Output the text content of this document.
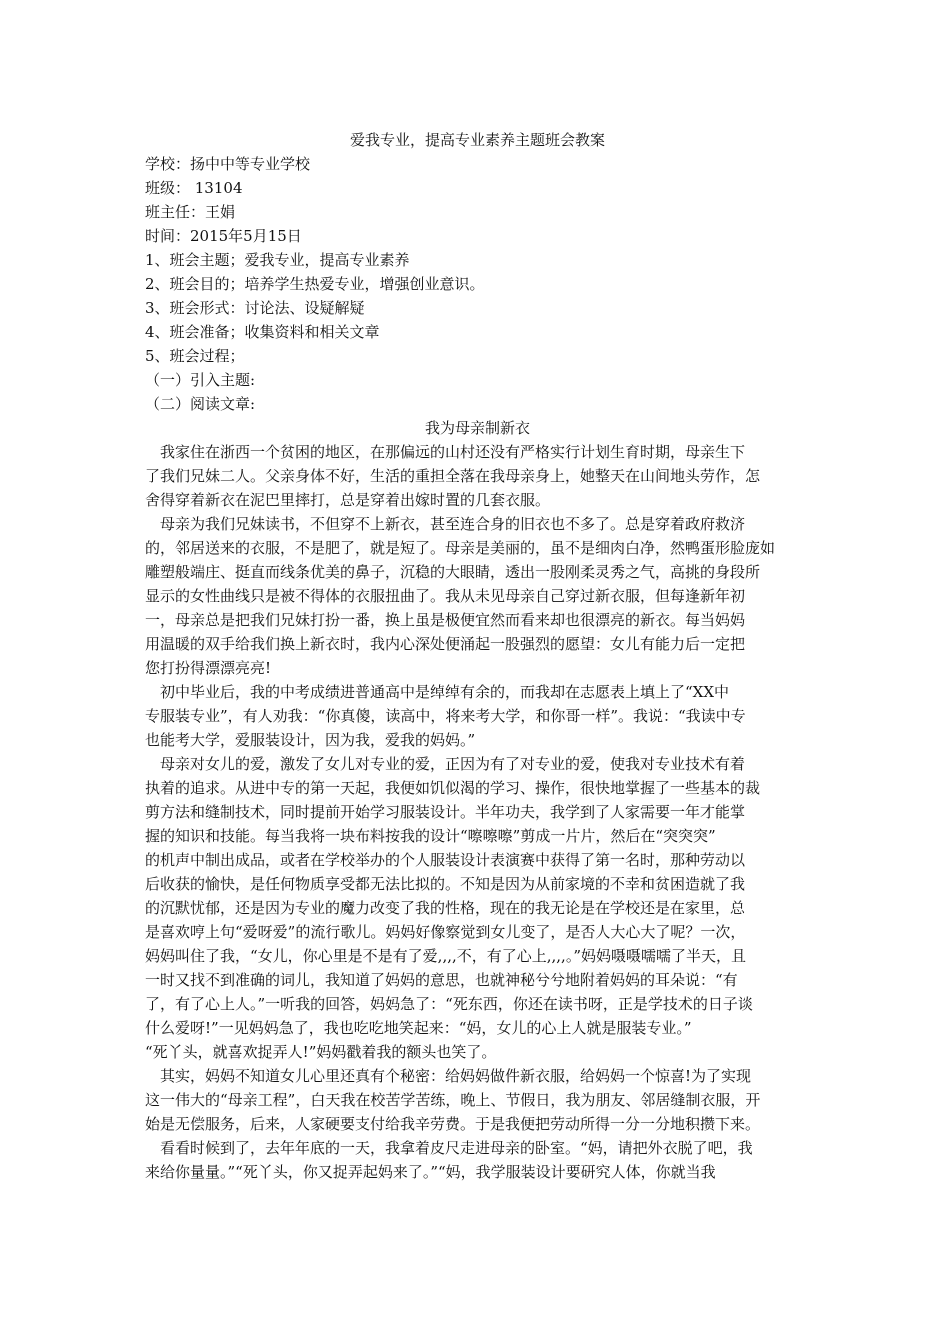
爱我专业，提高专业素养主题班会教案
学校：扬中中等专业学校
班级： 13104
班主任：王娟
时间：2015年5月15日
1、班会主题；爱我专业，提高专业素养
2、班会目的；培养学生热爱专业，增强创业意识。
3、班会形式：讨论法、设疑解疑
4、班会准备；收集资料和相关文章
5、班会过程；
（一）引入主题:
（二）阅读文章:
我为母亲制新衣
　我家住在浙西一个贫困的地区，在那偏远的山村还没有严格实行计划生育时期，母亲生下
了我们兄妹二人。父亲身体不好，生活的重担全落在我母亲身上，她整天在山间地头劳作，怎
舍得穿着新衣在泥巴里摔打，总是穿着出嫁时置的几套衣服。
　母亲为我们兄妹读书，不但穿不上新衣，甚至连合身的旧衣也不多了。总是穿着政府救济
的，邻居送来的衣服，不是肥了，就是短了。母亲是美丽的，虽不是细肉白净，然鸭蛋形脸庞如
雕塑般端庄、挺直而线条优美的鼻子，沉稳的大眼睛，透出一股刚柔灵秀之气，高挑的身段所
显示的女性曲线只是被不得体的衣服扭曲了。我从未见母亲自己穿过新衣服，但每逢新年初
一，母亲总是把我们兄妹打扮一番，换上虽是极便宜然而看来却也很漂亮的新衣。每当妈妈
用温暖的双手给我们换上新衣时，我内心深处便涌起一股强烈的愿望：女儿有能力后一定把
您打扮得漂漂亮亮!
　初中毕业后，我的中考成绩进普通高中是绰绰有余的，而我却在志愿表上填上了“XX中
专服装专业”，有人劝我：“你真傻，读高中，将来考大学，和你哥一样”。我说：“我读中专
也能考大学，爱服装设计，因为我，爱我的妈妈。”
　母亲对女儿的爱，激发了女儿对专业的爱，正因为有了对专业的爱，使我对专业技术有着
执着的追求。从进中专的第一天起，我便如饥似渴的学习、操作，很快地掌握了一些基本的裁
剪方法和缝制技术，同时提前开始学习服装设计。半年功夫，我学到了人家需要一年才能掌
握的知识和技能。每当我将一块布料按我的设计“嚓嚓嚓”剪成一片片，然后在“突突突”
的机声中制出成品，或者在学校举办的个人服装设计表演赛中获得了第一名时，那种劳动以
后收获的愉快，是任何物质享受都无法比拟的。不知是因为从前家境的不幸和贫困造就了我
的沉默忧郁，还是因为专业的魔力改变了我的性格，现在的我无论是在学校还是在家里，总
是喜欢哼上句“爱呀爱”的流行歌儿。妈妈好像察觉到女儿变了，是否人大心大了呢？一次，
妈妈叫住了我，“女儿，你心里是不是有了爱,,,,不，有了心上,,,,。”妈妈嗫嗫嚅嚅了半天，且
一时又找不到准确的词儿，我知道了妈妈的意思，也就神秘兮兮地附着妈妈的耳朵说：“有
了，有了心上人。”一听我的回答，妈妈急了：“死东西，你还在读书呀，正是学技术的日子谈
什么爱呀!”一见妈妈急了，我也吃吃地笑起来：“妈，女儿的心上人就是服装专业。”
“死丫头，就喜欢捉弄人!”妈妈戳着我的额头也笑了。
　其实，妈妈不知道女儿心里还真有个秘密：给妈妈做件新衣服，给妈妈一个惊喜!为了实现
这一伟大的“母亲工程”，白天我在校苦学苦练，晚上、节假日，我为朋友、邻居缝制衣服，开
始是无偿服务，后来，人家硬要支付给我辛劳费。于是我便把劳动所得一分一分地积攒下来。
　看看时候到了，去年年底的一天，我拿着皮尺走进母亲的卧室。“妈，请把外衣脱了吧，我
来给你量量。”“死丫头，你又捉弄起妈来了。”“妈，我学服装设计要研究人体，你就当我
